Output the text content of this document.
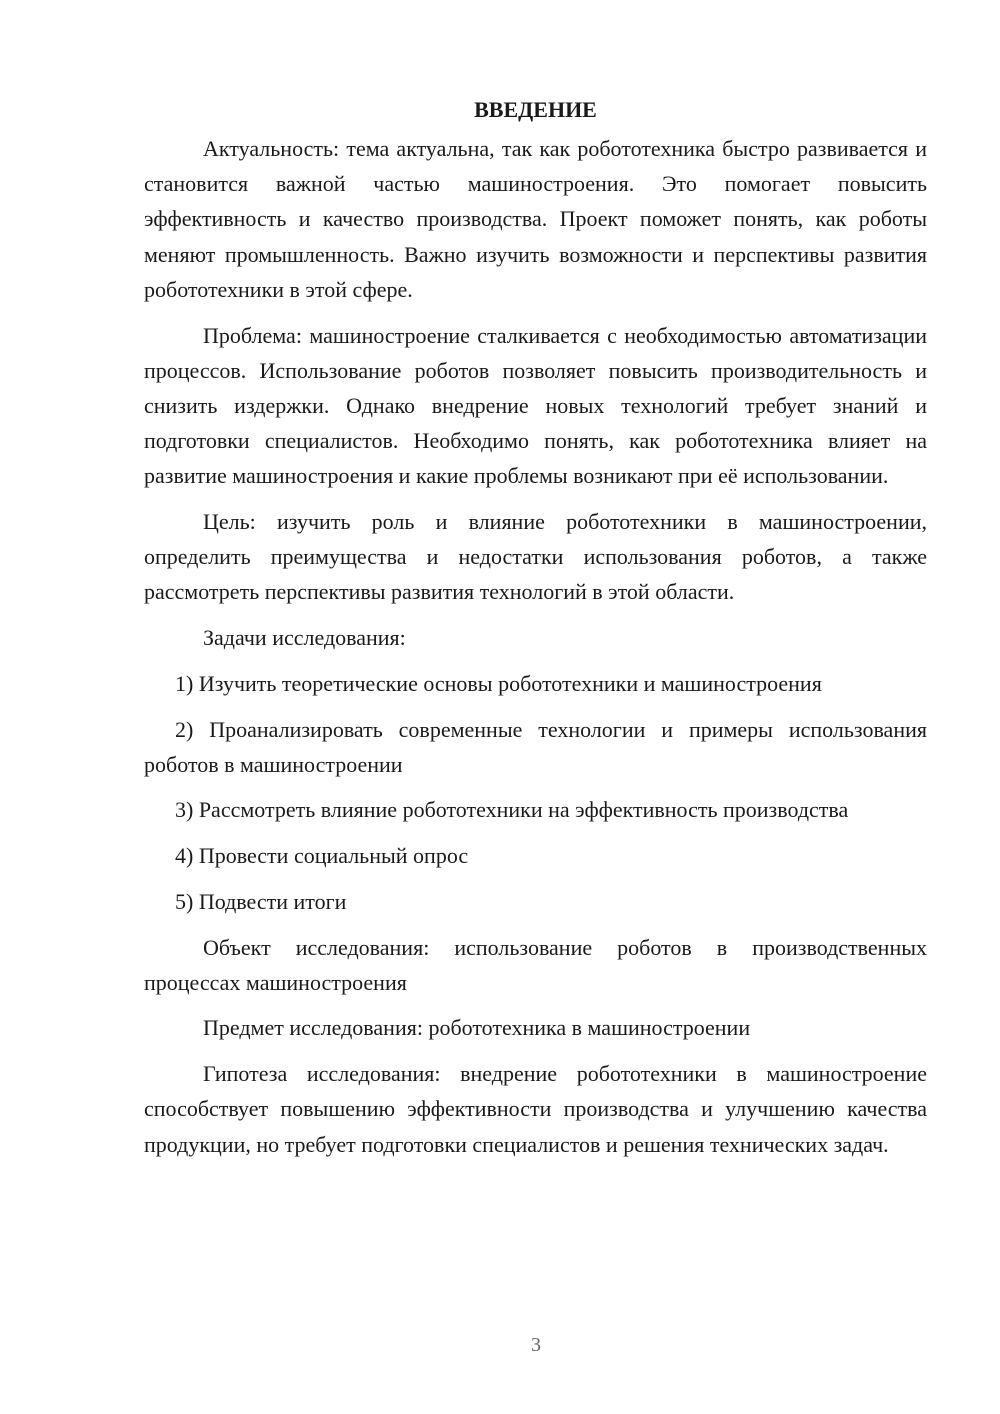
ВВЕДЕНИЕ

Актуальность: тема актуальна, так как робототехника быстро развивается и становится важной частью машиностроения. Это помогает повысить эффективность и качество производства. Проект поможет понять, как роботы меняют промышленность. Важно изучить возможности и перспективы развития робототехники в этой сфере.

Проблема: машиностроение сталкивается с необходимостью автоматизации процессов. Использование роботов позволяет повысить производительность и снизить издержки. Однако внедрение новых технологий требует знаний и подготовки специалистов. Необходимо понять, как робототехника влияет на развитие машиностроения и какие проблемы возникают при её использовании.

Цель: изучить роль и влияние робототехники в машиностроении, определить преимущества и недостатки использования роботов, а также рассмотреть перспективы развития технологий в этой области.

Задачи исследования:

1) Изучить теоретические основы робототехники и машиностроения

2) Проанализировать современные технологии и примеры использования роботов в машиностроении

3) Рассмотреть влияние робототехники на эффективность производства

4) Провести социальный опрос

5) Подвести итоги

Объект исследования: использование роботов в производственных процессах машиностроения

Предмет исследования: робототехника в машиностроении

Гипотеза исследования: внедрение робототехники в машиностроение способствует повышению эффективности производства и улучшению качества продукции, но требует подготовки специалистов и решения технических задач.

3
